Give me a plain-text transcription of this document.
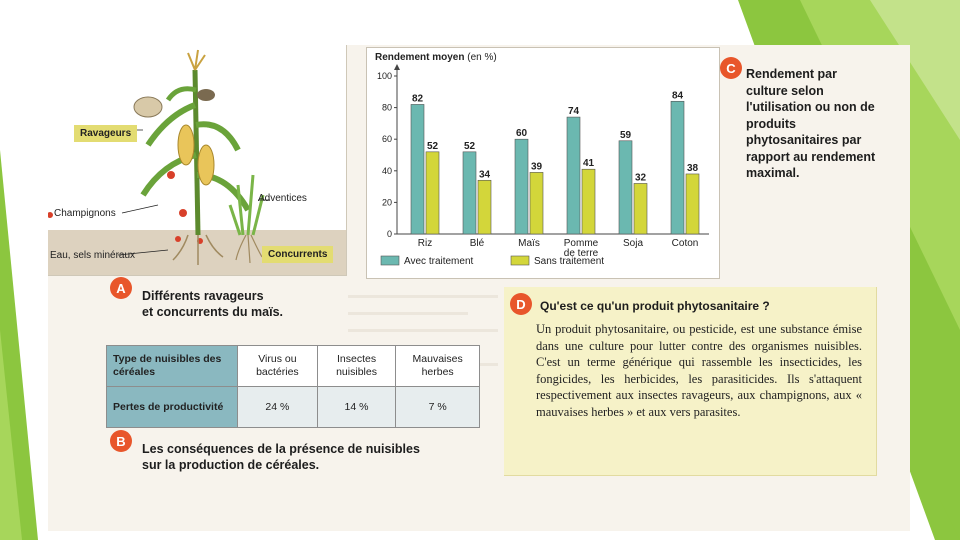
Ravageurs
Champignons
Adventices
Eau, sels minéraux	Concurrents
A
Différents ravageurs
et concurrents du maïs.
Rendement moyen (en %)
0
20
40
60
80
100
82
52
Riz
52
34
Blé
60
39
Maïs
74
41
Pomme
de terre
59
32
Soja
84
38
Coton
Avec traitement	Sans traitement
C Rendement par culture selon l'utilisation ou non de produits phytosanitaires par rapport au rendement maximal.
Type de nuisibles des céréales	Virus ou bactéries	Insectes nuisibles	Mauvaises herbes
Pertes de productivité	24 %	14 %	7 %
B
Les conséquences de la présence de nuisibles
sur la production de céréales.
D	Qu'est ce qu'un produit phytosanitaire ?
Un produit phytosanitaire, ou pesticide, est une substance émise dans une culture pour lutter contre des organismes nuisibles. C'est un terme générique qui rassemble les insecticides, les fongicides, les herbicides, les parasiticides. Ils s'attaquent respectivement aux insectes ravageurs, aux champignons, aux « mauvaises herbes » et aux vers parasites.
